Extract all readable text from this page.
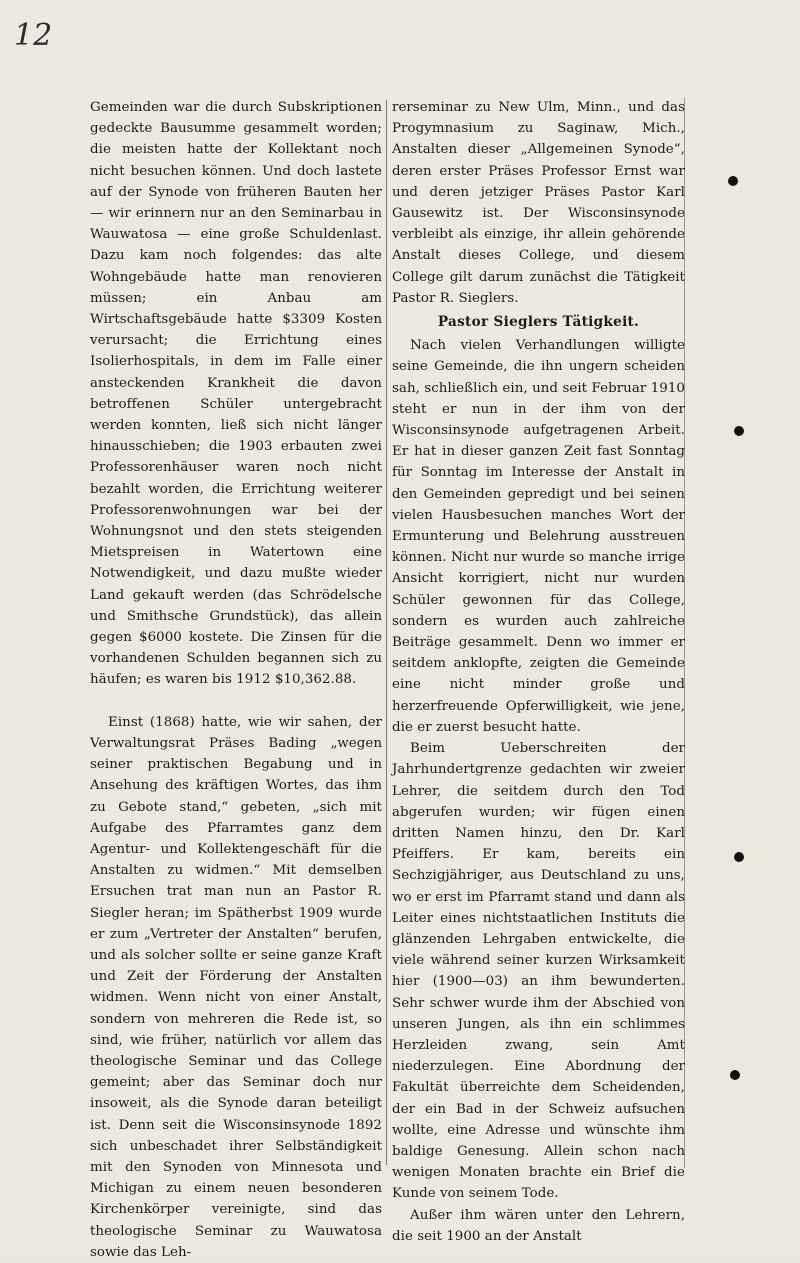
12

Gemeinden war die durch Subskriptionen gedeckte Bausumme gesammelt worden; die meisten hatte der Kollektant noch nicht besuchen können. Und doch lastete auf der Synode von früheren Bauten her — wir erinnern nur an den Seminarbau in Wauwatosa — eine große Schuldenlast. Dazu kam noch folgendes: das alte Wohngebäude hatte man renovieren müssen; ein Anbau am Wirtschaftsgebäude hatte $3309 Kosten verursacht; die Errichtung eines Isolierhospitals, in dem im Falle einer ansteckenden Krankheit die davon betroffenen Schüler untergebracht werden konnten, ließ sich nicht länger hinausschieben; die 1903 erbauten zwei Professorenhäuser waren noch nicht bezahlt worden, die Errichtung weiterer Professorenwohnungen war bei der Wohnungsnot und den stets steigenden Mietspreisen in Watertown eine Notwendigkeit, und dazu mußte wieder Land gekauft werden (das Schrödelsche und Smithsche Grundstück), das allein gegen $6000 kostete. Die Zinsen für die vorhandenen Schulden begannen sich zu häufen; es waren bis 1912 $10,362.88.

Einst (1868) hatte, wie wir sahen, der Verwaltungsrat Präses Bading „wegen seiner praktischen Begabung und in Ansehung des kräftigen Wortes, das ihm zu Gebote stand,“ gebeten, „sich mit Aufgabe des Pfarramtes ganz dem Agentur- und Kollektengeschäft für die Anstalten zu widmen.“ Mit demselben Ersuchen trat man nun an Pastor R. Siegler heran; im Spätherbst 1909 wurde er zum „Vertreter der Anstalten“ berufen, und als solcher sollte er seine ganze Kraft und Zeit der Förderung der Anstalten widmen. Wenn nicht von einer Anstalt, sondern von mehreren die Rede ist, so sind, wie früher, natürlich vor allem das theologische Seminar und das College gemeint; aber das Seminar doch nur insoweit, als die Synode daran beteiligt ist. Denn seit die Wisconsinsynode 1892 sich unbeschadet ihrer Selbständigkeit mit den Synoden von Minnesota und Michigan zu einem neuen besonderen Kirchenkörper vereinigte, sind das theologische Seminar zu Wauwatosa sowie das Leh-

rerseminar zu New Ulm, Minn., und das Progymnasium zu Saginaw, Mich., Anstalten dieser „Allgemeinen Synode“, deren erster Präses Professor Ernst war und deren jetziger Präses Pastor Karl Gausewitz ist. Der Wisconsinsynode verbleibt als einzige, ihr allein gehörende Anstalt dieses College, und diesem College gilt darum zunächst die Tätigkeit Pastor R. Sieglers.

Pastor Sieglers Tätigkeit.

Nach vielen Verhandlungen willigte seine Gemeinde, die ihn ungern scheiden sah, schließlich ein, und seit Februar 1910 steht er nun in der ihm von der Wisconsinsynode aufgetragenen Arbeit. Er hat in dieser ganzen Zeit fast Sonntag für Sonntag im Interesse der Anstalt in den Gemeinden gepredigt und bei seinen vielen Hausbesuchen manches Wort der Ermunterung und Belehrung ausstreuen können. Nicht nur wurde so manche irrige Ansicht korrigiert, nicht nur wurden Schüler gewonnen für das College, sondern es wurden auch zahlreiche Beiträge gesammelt. Denn wo immer er seitdem anklopfte, zeigten die Gemeinde eine nicht minder große und herzerfreuende Opferwilligkeit, wie jene, die er zuerst besucht hatte.

Beim Ueberschreiten der Jahrhundertgrenze gedachten wir zweier Lehrer, die seitdem durch den Tod abgerufen wurden; wir fügen einen dritten Namen hinzu, den Dr. Karl Pfeiffers. Er kam, bereits ein Sechzigjähriger, aus Deutschland zu uns, wo er erst im Pfarramt stand und dann als Leiter eines nichtstaatlichen Instituts die glänzenden Lehrgaben entwickelte, die viele während seiner kurzen Wirksamkeit hier (1900—03) an ihm bewunderten. Sehr schwer wurde ihm der Abschied von unseren Jungen, als ihn ein schlimmes Herzleiden zwang, sein Amt niederzulegen. Eine Abordnung der Fakultät überreichte dem Scheidenden, der ein Bad in der Schweiz aufsuchen wollte, eine Adresse und wünschte ihm baldige Genesung. Allein schon nach wenigen Monaten brachte ein Brief die Kunde von seinem Tode.

Außer ihm wären unter den Lehrern, die seit 1900 an der Anstalt
